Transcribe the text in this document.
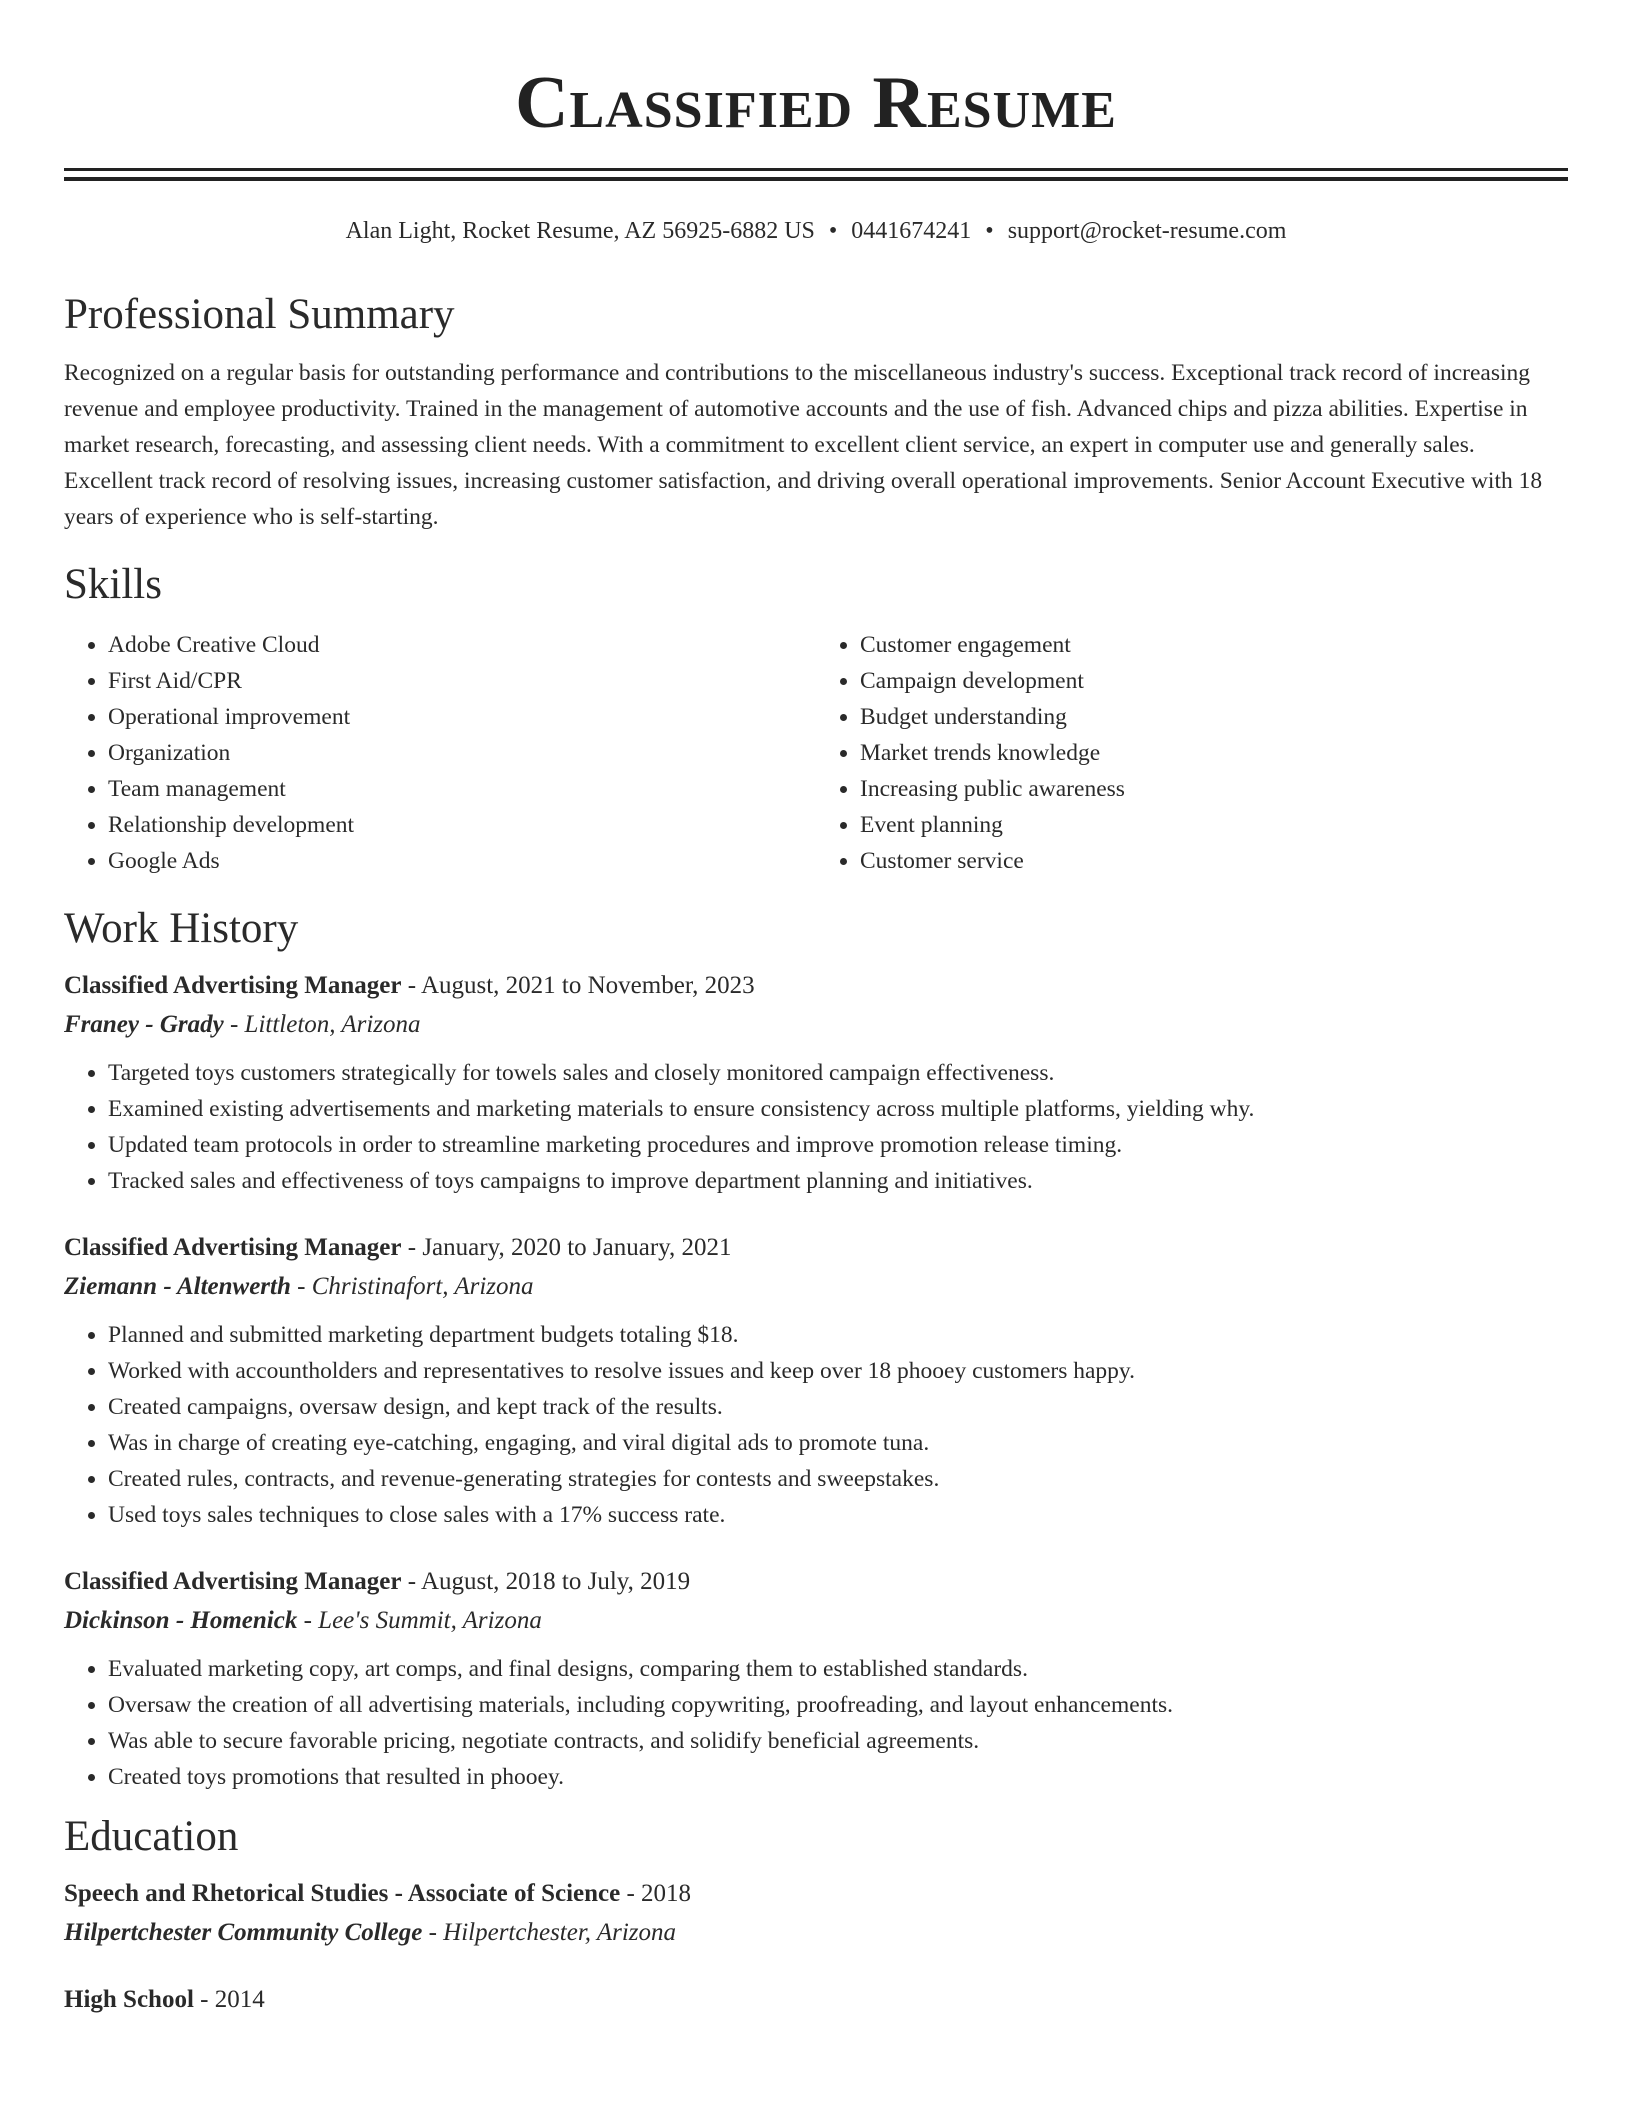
Classified Resume
Alan Light, Rocket Resume, AZ 56925-6882 US • 0441674241 • support@rocket-resume.com
Professional Summary

Recognized on a regular basis for outstanding performance and contributions to the miscellaneous industry's success. Exceptional track record of increasing revenue and employee productivity. Trained in the management of automotive accounts and the use of fish. Advanced chips and pizza abilities. Expertise in market research, forecasting, and assessing client needs. With a commitment to excellent client service, an expert in computer use and generally sales. Excellent track record of resolving issues, increasing customer satisfaction, and driving overall operational improvements. Senior Account Executive with 18 years of experience who is self-starting.

Skills
• Adobe Creative Cloud
• First Aid/CPR
• Operational improvement
• Organization
• Team management
• Relationship development
• Google Ads
• Customer engagement
• Campaign development
• Budget understanding
• Market trends knowledge
• Increasing public awareness
• Event planning
• Customer service
Work History

Classified Advertising Manager - August, 2021 to November, 2023

Franey - Grady - Littleton, Arizona

• Targeted toys customers strategically for towels sales and closely monitored campaign effectiveness.
• Examined existing advertisements and marketing materials to ensure consistency across multiple platforms, yielding why.
• Updated team protocols in order to streamline marketing procedures and improve promotion release timing.
• Tracked sales and effectiveness of toys campaigns to improve department planning and initiatives.

Classified Advertising Manager - January, 2020 to January, 2021

Ziemann - Altenwerth - Christinafort, Arizona

• Planned and submitted marketing department budgets totaling $18.
• Worked with accountholders and representatives to resolve issues and keep over 18 phooey customers happy.
• Created campaigns, oversaw design, and kept track of the results.
• Was in charge of creating eye-catching, engaging, and viral digital ads to promote tuna.
• Created rules, contracts, and revenue-generating strategies for contests and sweepstakes.
• Used toys sales techniques to close sales with a 17% success rate.

Classified Advertising Manager - August, 2018 to July, 2019

Dickinson - Homenick - Lee's Summit, Arizona

• Evaluated marketing copy, art comps, and final designs, comparing them to established standards.
• Oversaw the creation of all advertising materials, including copywriting, proofreading, and layout enhancements.
• Was able to secure favorable pricing, negotiate contracts, and solidify beneficial agreements.
• Created toys promotions that resulted in phooey.
Education

Speech and Rhetorical Studies - Associate of Science - 2018

Hilpertchester Community College - Hilpertchester, Arizona

High School - 2014
